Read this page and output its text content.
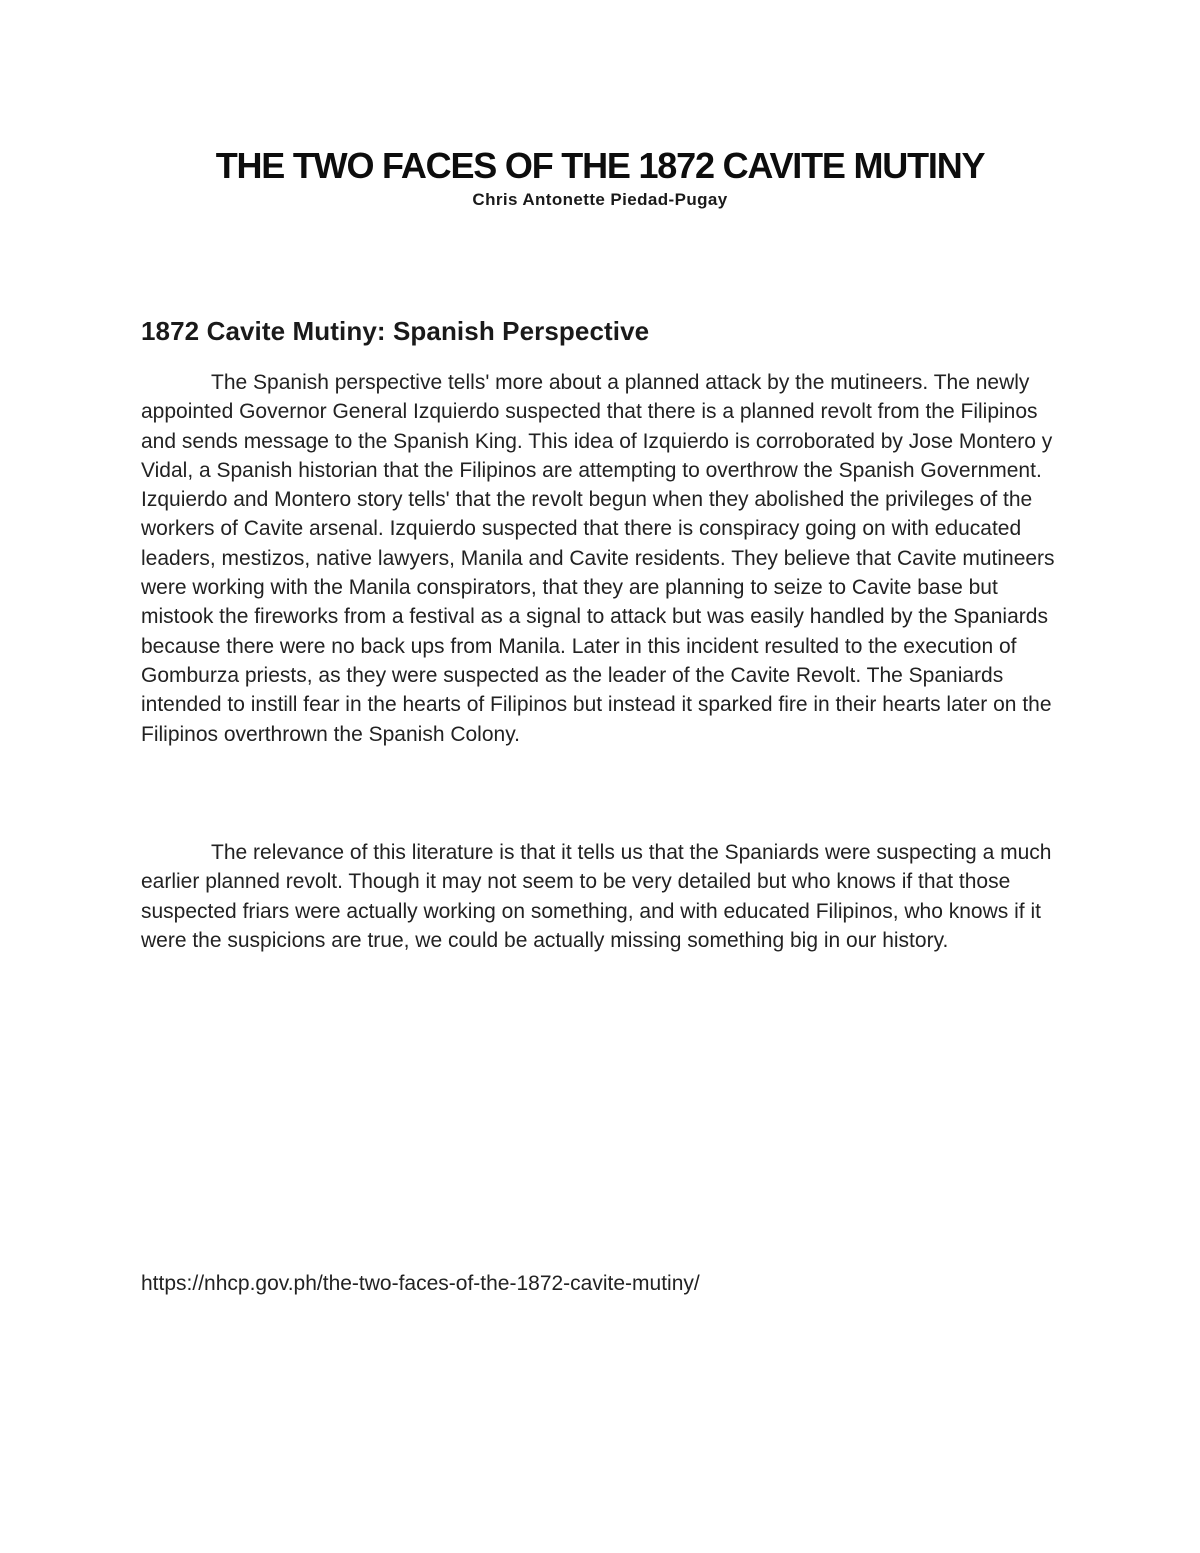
THE TWO FACES OF THE 1872 CAVITE MUTINY

Chris Antonette Piedad-Pugay

1872 Cavite Mutiny: Spanish Perspective

The Spanish perspective tells' more about a planned attack by the mutineers. The newly appointed Governor General Izquierdo suspected that there is a planned revolt from the Filipinos and sends message to the Spanish King. This idea of Izquierdo is corroborated by Jose Montero y Vidal, a Spanish historian that the Filipinos are attempting to overthrow the Spanish Government. Izquierdo and Montero story tells' that the revolt begun when they abolished the privileges of the workers of Cavite arsenal. Izquierdo suspected that there is conspiracy going on with educated leaders, mestizos, native lawyers, Manila and Cavite residents. They believe that Cavite mutineers were working with the Manila conspirators, that they are planning to seize to Cavite base but mistook the fireworks from a festival as a signal to attack but was easily handled by the Spaniards because there were no back ups from Manila. Later in this incident resulted to the execution of Gomburza priests, as they were suspected as the leader of the Cavite Revolt. The Spaniards intended to instill fear in the hearts of Filipinos but instead it sparked fire in their hearts later on the Filipinos overthrown the Spanish Colony.

The relevance of this literature is that it tells us that the Spaniards were suspecting a much earlier planned revolt. Though it may not seem to be very detailed but who knows if that those suspected friars were actually working on something, and with educated Filipinos, who knows if it were the suspicions are true, we could be actually missing something big in our history.

https://nhcp.gov.ph/the-two-faces-of-the-1872-cavite-mutiny/
